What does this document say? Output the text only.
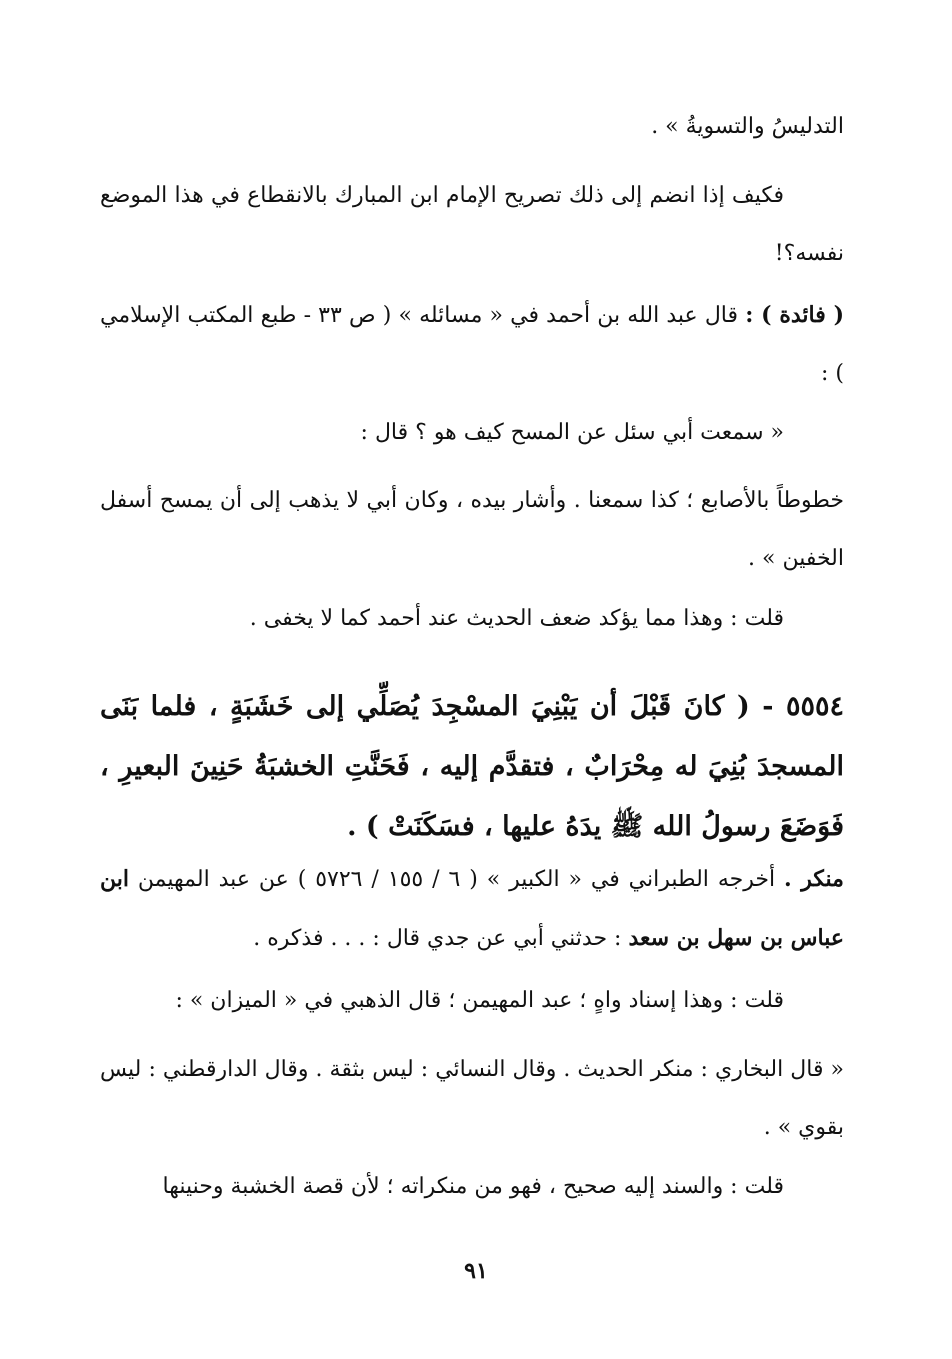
التدليسُ والتسويةُ » .

فكيف إذا انضم إلى ذلك تصريح الإمام ابن المبارك بالانقطاع في هذا الموضع نفسه؟!

( فائدة ) : قال عبد الله بن أحمد في « مسائله » ( ص ٣٣ - طبع المكتب الإسلامي ) :

« سمعت أبي سئل عن المسح كيف هو ؟ قال :

خطوطاً بالأصابع ؛ كذا سمعنا . وأشار بيده ، وكان أبي لا يذهب إلى أن يمسح أسفل الخفين » .

قلت : وهذا مما يؤكد ضعف الحديث عند أحمد كما لا يخفى .

٥٥٥٤ - ( كانَ قَبْلَ أن يَبْنِيَ المسْجِدَ يُصَلِّي إلى خَشَبَةٍ ، فلما بَنَى المسجدَ بُنِيَ له مِحْرَابٌ ، فتقدَّم إليه ، فَحَنَّتِ الخشبَةُ حَنِينَ البعيرِ ، فَوَضَعَ رسولُ الله ﷺ يدَهُ عليها ، فسَكَنَتْ ) .

منكر . أخرجه الطبراني في « الكبير » ( ٦ / ١٥٥ / ٥٧٢٦ ) عن عبد المهيمن ابن عباس بن سهل بن سعد : حدثني أبي عن جدي قال : . . . فذكره .

قلت : وهذا إسناد واهٍ ؛ عبد المهيمن ؛ قال الذهبي في « الميزان » :

« قال البخاري : منكر الحديث . وقال النسائي : ليس بثقة . وقال الدارقطني : ليس بقوي » .

قلت : والسند إليه صحيح ، فهو من منكراته ؛ لأن قصة الخشبة وحنينها

٩١
